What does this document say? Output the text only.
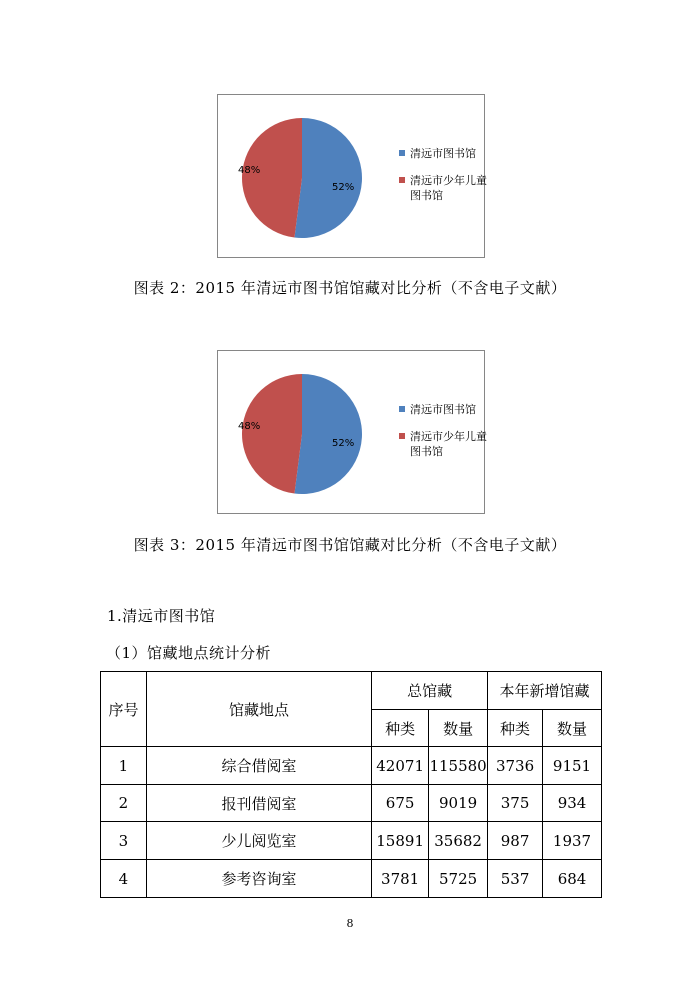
52%
48%
清远市图书馆
清远市少年儿童图书馆
图表 2：2015 年清远市图书馆馆藏对比分析（不含电子文献）
52%
48%
清远市图书馆
清远市少年儿童图书馆
图表 3：2015 年清远市图书馆馆藏对比分析（不含电子文献）
1.清远市图书馆
（1）馆藏地点统计分析
序号	馆藏地点	总馆藏		本年新增馆藏	
		种类	数量	种类	数量
1	综合借阅室	42071	115580	3736	9151
2	报刊借阅室	675	9019	375	934
3	少儿阅览室	15891	35682	987	1937
4	参考咨询室	3781	5725	537	684
8
